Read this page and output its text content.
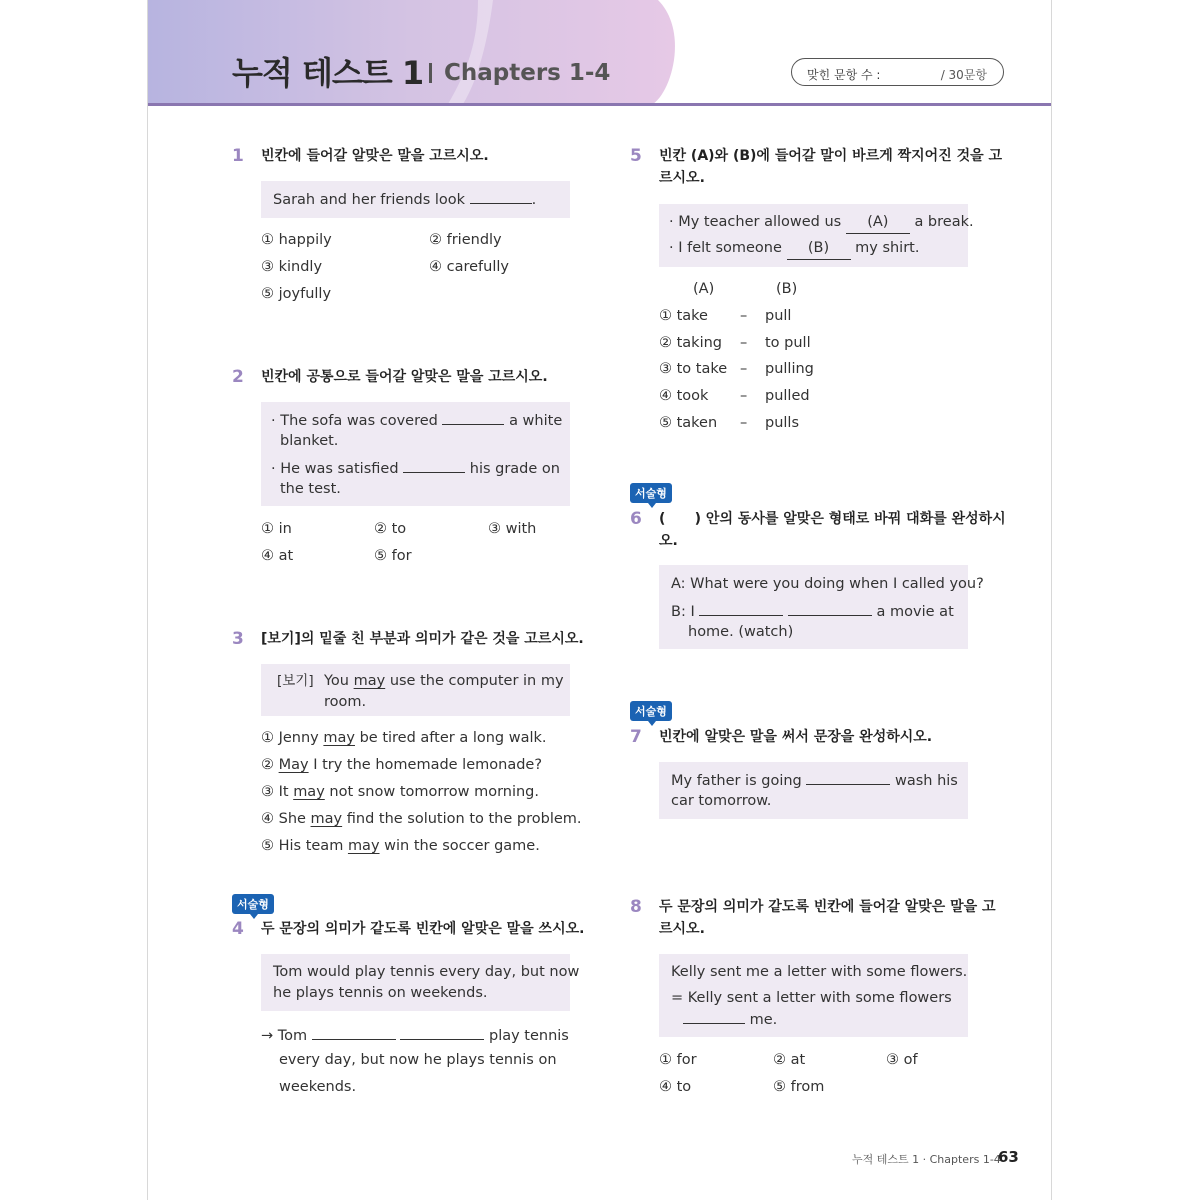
누적 테스트 1 Chapters 1-4	맞힌 문항 수 :	/ 30문항
1 빈칸에 들어갈 알맞은 말을 고르시오.
Sarah and her friends look	.
① happily	② friendly
③ kindly	④ carefully
⑤ joyfully
2 빈칸에 공통으로 들어갈 알맞은 말을 고르시오.
· The sofa was covered	a white
blanket.
· He was satisfied	his grade on
the test.
① in	② to	③ with
④ at	⑤ for
3 [보기]의 밑줄 친 부분과 의미가 같은 것을 고르시오.
[보기] You may use the computer in my
room.
① Jenny may be tired after a long walk.
② May I try the homemade lemonade?
③ It may not snow tomorrow morning.
④ She may find the solution to the problem.
⑤ His team may win the soccer game.
서술형
4 두 문장의 의미가 같도록 빈칸에 알맞은 말을 쓰시오.
Tom would play tennis every day, but now
he plays tennis on weekends.
→ Tom	play tennis
every day, but now he plays tennis on
weekends.
5 빈칸 (A)와 (B)에 들어갈 말이 바르게 짝지어진 것을 고
르시오.
· My teacher allowed us (A) a break.
· I felt someone (B) my shirt.
(A)	(B)
① take – pull
② taking – to pull
③ to take – pulling
④ took – pulled
⑤ taken – pulls
서술형
6 (      ) 안의 동사를 알맞은 형태로 바꿔 대화를 완성하시
오.
A: What were you doing when I called you?
B: I	a movie at
home. (watch)
서술형
7 빈칸에 알맞은 말을 써서 문장을 완성하시오.
My father is going	wash his
car tomorrow.
8 두 문장의 의미가 같도록 빈칸에 들어갈 알맞은 말을 고
르시오.
Kelly sent me a letter with some flowers.
= Kelly sent a letter with some flowers
me.
① for	② at	③ of
④ to	⑤ from
누적 테스트 1 · Chapters 1-4
63
